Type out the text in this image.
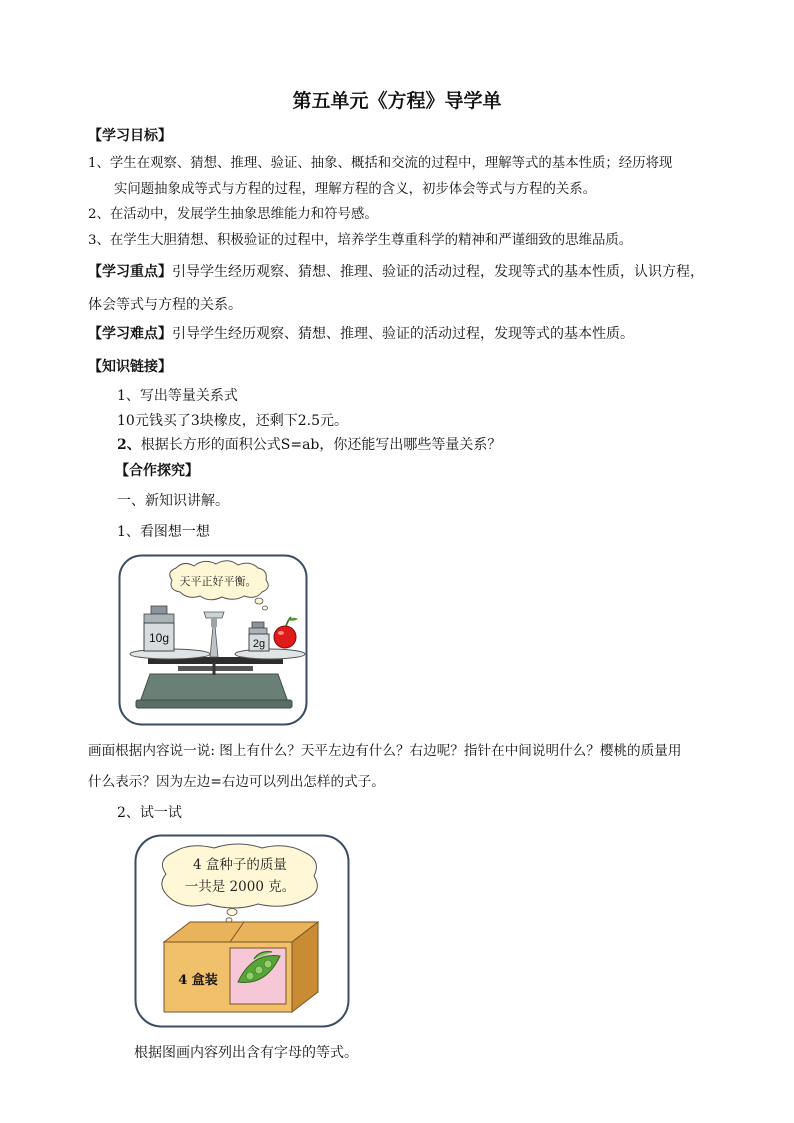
第五单元《方程》导学单
【学习目标】
1、学生在观察、猜想、推理、验证、抽象、概括和交流的过程中，理解等式的基本性质；经历将现
实问题抽象成等式与方程的过程，理解方程的含义，初步体会等式与方程的关系。
2、在活动中，发展学生抽象思维能力和符号感。
3、在学生大胆猜想、积极验证的过程中，培养学生尊重科学的精神和严谨细致的思维品质。
【学习重点】引导学生经历观察、猜想、推理、验证的活动过程，发现等式的基本性质，认识方程，
体会等式与方程的关系。
【学习难点】引导学生经历观察、猜想、推理、验证的活动过程，发现等式的基本性质。
【知识链接】
1、写出等量关系式
10元钱买了3块橡皮，还剩下2.5元。
2、根据长方形的面积公式S=ab，你还能写出哪些等量关系？
【合作探究】
一、新知识讲解。
1、看图想一想
天平正好平衡。
10g	2g
画面根据内容说一说: 图上有什么？天平左边有什么？右边呢？指针在中间说明什么？樱桃的质量用
什么表示？因为左边=右边可以列出怎样的式子。
2、试一试
4 盒种子的质量
一共是 2000 克。
4 盒装
根据图画内容列出含有字母的等式。
